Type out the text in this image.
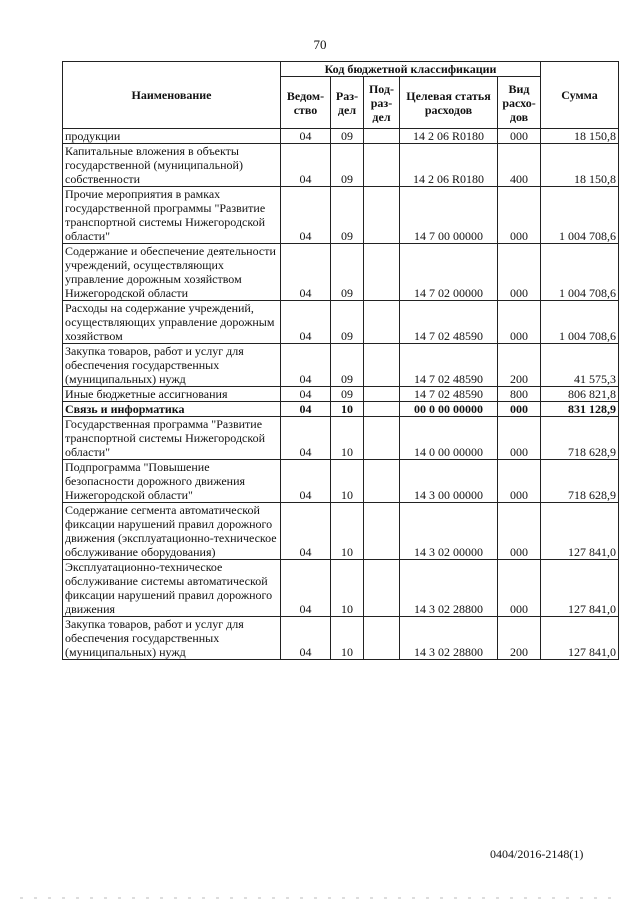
70
Наименование	Код бюджетной классификации					Сумма
	Ведом-ство	Раз-дел	Под-раз-дел	Целевая статья расходов	Вид расхо-дов	
продукции	04	09		14 2 06 R0180	000	18 150,8
Капитальные вложения в объекты государственной (муниципальной) собственности	04	09		14 2 06 R0180	400	18 150,8
Прочие мероприятия в рамках государственной программы "Развитие транспортной системы Нижегородской области"	04	09		14 7 00 00000	000	1 004 708,6
Содержание и обеспечение деятельности учреждений, осуществляющих управление дорожным хозяйством Нижегородской области	04	09		14 7 02 00000	000	1 004 708,6
Расходы на содержание учреждений, осуществляющих управление дорожным хозяйством	04	09		14 7 02 48590	000	1 004 708,6
Закупка товаров, работ и услуг для обеспечения государственных (муниципальных) нужд	04	09		14 7 02 48590	200	41 575,3
Иные бюджетные ассигнования	04	09		14 7 02 48590	800	806 821,8
Связь и информатика	04	10		00 0 00 00000	000	831 128,9
Государственная программа "Развитие транспортной системы Нижегородской области"	04	10		14 0 00 00000	000	718 628,9
Подпрограмма "Повышение безопасности дорожного движения Нижегородской области"	04	10		14 3 00 00000	000	718 628,9
Содержание сегмента автоматической фиксации нарушений правил дорожного движения (эксплуатационно-техническое обслуживание оборудования)	04	10		14 3 02 00000	000	127 841,0
Эксплуатационно-техническое обслуживание системы автоматической фиксации нарушений правил дорожного движения	04	10		14 3 02 28800	000	127 841,0
Закупка товаров, работ и услуг для обеспечения государственных (муниципальных) нужд	04	10		14 3 02 28800	200	127 841,0
0404/2016-2148(1)
